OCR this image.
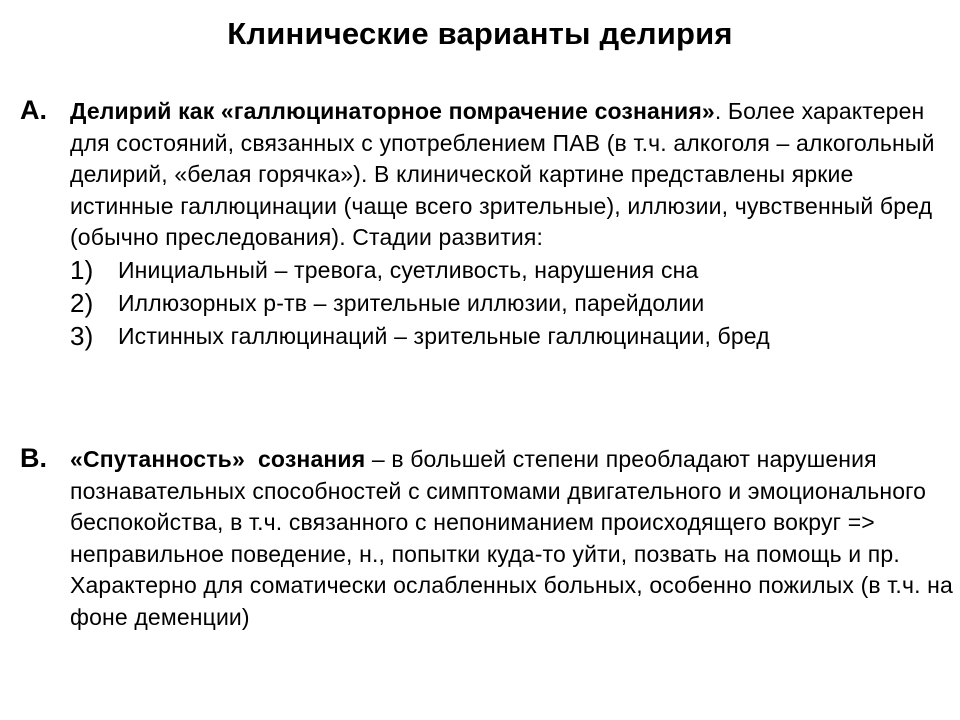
Клинические варианты делирия
A.	Делирий как «галлюцинаторное помрачение сознания». Более характерен для состояний, связанных с употреблением ПАВ (в т.ч. алкоголя – алкогольный делирий, «белая горячка»). В клинической картине представлены яркие истинные галлюцинации (чаще всего зрительные), иллюзии, чувственный бред (обычно преследования). Стадии развития:
1)	Инициальный – тревога, суетливость, нарушения сна
2)	Иллюзорных р-тв – зрительные иллюзии, парейдолии
3)	Истинных галлюцинаций – зрительные галлюцинации, бред
B.	«Спутанность» сознания – в большей степени преобладают нарушения познавательных способностей с симптомами двигательного и эмоционального беспокойства, в т.ч. связанного с непониманием происходящего вокруг => неправильное поведение, н., попытки куда-то уйти, позвать на помощь и пр. Характерно для соматически ослабленных больных, особенно пожилых (в т.ч. на фоне деменции)
